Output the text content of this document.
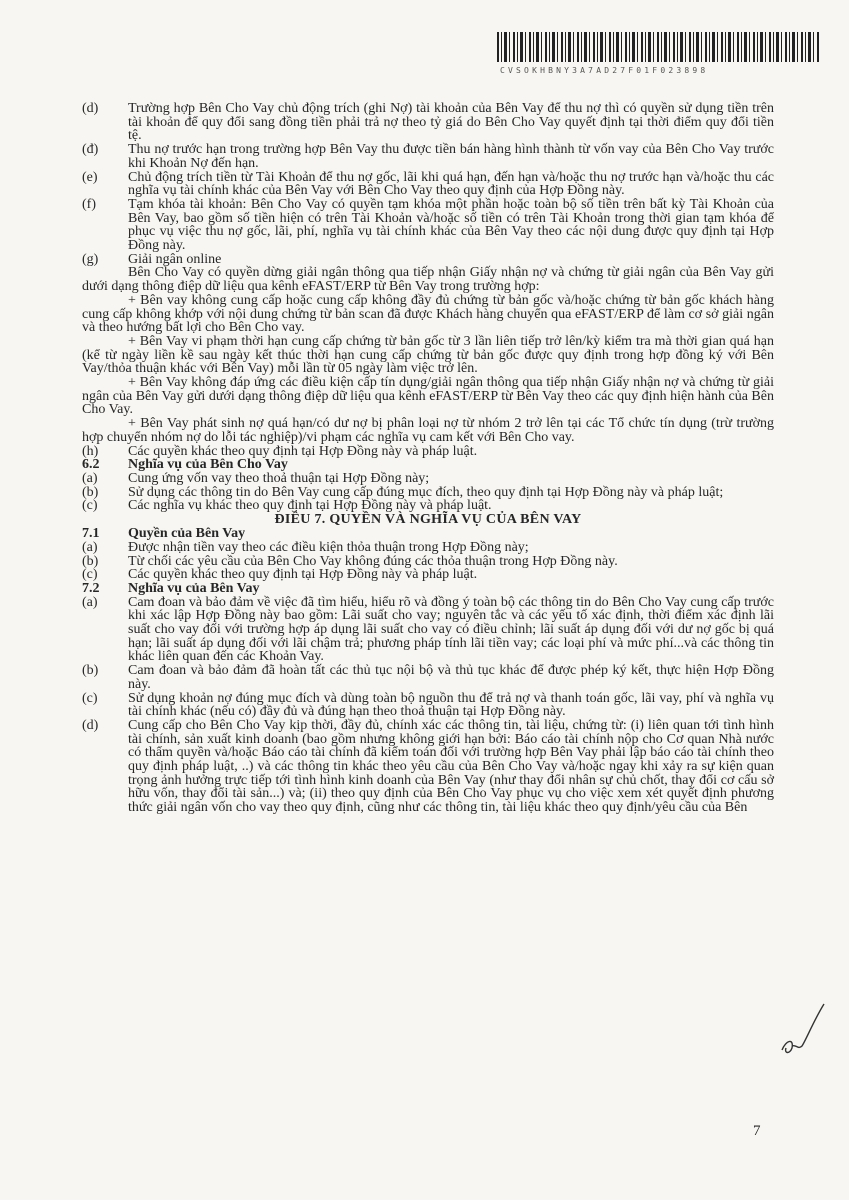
CVSOKHBNY3A7AD27F01F023898
(d)	Trường hợp Bên Cho Vay chủ động trích (ghi Nợ) tài khoản của Bên Vay để thu nợ thì có quyền sử dụng tiền trên tài khoản để quy đổi sang đồng tiền phải trả nợ theo tỷ giá do Bên Cho Vay quyết định tại thời điểm quy đổi tiền tệ.
(đ)	Thu nợ trước hạn trong trường hợp Bên Vay thu được tiền bán hàng hình thành từ vốn vay của Bên Cho Vay trước khi Khoản Nợ đến hạn.
(e)	Chủ động trích tiền từ Tài Khoản để thu nợ gốc, lãi khi quá hạn, đến hạn và/hoặc thu nợ trước hạn và/hoặc thu các nghĩa vụ tài chính khác của Bên Vay với Bên Cho Vay theo quy định của Hợp Đồng này.
(f)	Tạm khóa tài khoản: Bên Cho Vay có quyền tạm khóa một phần hoặc toàn bộ số tiền trên bất kỳ Tài Khoản của Bên Vay, bao gồm số tiền hiện có trên Tài Khoản và/hoặc số tiền có trên Tài Khoản trong thời gian tạm khóa để phục vụ việc thu nợ gốc, lãi, phí, nghĩa vụ tài chính khác của Bên Vay theo các nội dung được quy định tại Hợp Đồng này.
(g)	Giải ngân online

Bên Cho Vay có quyền dừng giải ngân thông qua tiếp nhận Giấy nhận nợ và chứng từ giải ngân của Bên Vay gửi dưới dạng thông điệp dữ liệu qua kênh eFAST/ERP từ Bên Vay trong trường hợp:

+ Bên vay không cung cấp hoặc cung cấp không đầy đủ chứng từ bản gốc và/hoặc chứng từ bản gốc khách hàng cung cấp không khớp với nội dung chứng từ bản scan đã được Khách hàng chuyển qua eFAST/ERP để làm cơ sở giải ngân và theo hướng bất lợi cho Bên Cho vay.

+ Bên Vay vi phạm thời hạn cung cấp chứng từ bản gốc từ 3 lần liên tiếp trở lên/kỳ kiểm tra mà thời gian quá hạn (kể từ ngày liền kề sau ngày kết thúc thời hạn cung cấp chứng từ bản gốc được quy định trong hợp đồng ký với Bên Vay/thỏa thuận khác với Bên Vay) mỗi lần từ 05 ngày làm việc trở lên.

+ Bên Vay không đáp ứng các điều kiện cấp tín dụng/giải ngân thông qua tiếp nhận Giấy nhận nợ và chứng từ giải ngân của Bên Vay gửi dưới dạng thông điệp dữ liệu qua kênh eFAST/ERP từ Bên Vay theo các quy định hiện hành của Bên Cho Vay.

+ Bên Vay phát sinh nợ quá hạn/có dư nợ bị phân loại nợ từ nhóm 2 trở lên tại các Tổ chức tín dụng (trừ trường hợp chuyển nhóm nợ do lỗi tác nghiệp)/vi phạm các nghĩa vụ cam kết với Bên Cho vay.

(h)	Các quyền khác theo quy định tại Hợp Đồng này và pháp luật.
6.2	Nghĩa vụ của Bên Cho Vay
(a)	Cung ứng vốn vay theo thoả thuận tại Hợp Đồng này;
(b)	Sử dụng các thông tin do Bên Vay cung cấp đúng mục đích, theo quy định tại Hợp Đồng này và pháp luật;
(c)	Các nghĩa vụ khác theo quy định tại Hợp Đồng này và pháp luật.
ĐIỀU 7. QUYỀN VÀ NGHĨA VỤ CỦA BÊN VAY
7.1	Quyền của Bên Vay
(a)	Được nhận tiền vay theo các điều kiện thỏa thuận trong Hợp Đồng này;
(b)	Từ chối các yêu cầu của Bên Cho Vay không đúng các thỏa thuận trong Hợp Đồng này.
(c)	Các quyền khác theo quy định tại Hợp Đồng này và pháp luật.
7.2	Nghĩa vụ của Bên Vay
(a)	Cam đoan và bảo đảm về việc đã tìm hiểu, hiểu rõ và đồng ý toàn bộ các thông tin do Bên Cho Vay cung cấp trước khi xác lập Hợp Đồng này bao gồm: Lãi suất cho vay; nguyên tắc và các yếu tố xác định, thời điểm xác định lãi suất cho vay đối với trường hợp áp dụng lãi suất cho vay có điều chỉnh; lãi suất áp dụng đối với dư nợ gốc bị quá hạn; lãi suất áp dụng đối với lãi chậm trả; phương pháp tính lãi tiền vay; các loại phí và mức phí...và các thông tin khác liên quan đến các Khoản Vay.
(b)	Cam đoan và bảo đảm đã hoàn tất các thủ tục nội bộ và thủ tục khác để được phép ký kết, thực hiện Hợp Đồng này.
(c)	Sử dụng khoản nợ đúng mục đích và dùng toàn bộ nguồn thu để trả nợ và thanh toán gốc, lãi vay, phí và nghĩa vụ tài chính khác (nếu có) đầy đủ và đúng hạn theo thoả thuận tại Hợp Đồng này.
(d)	Cung cấp cho Bên Cho Vay kịp thời, đầy đủ, chính xác các thông tin, tài liệu, chứng từ: (i) liên quan tới tình hình tài chính, sản xuất kinh doanh (bao gồm nhưng không giới hạn bởi: Báo cáo tài chính nộp cho Cơ quan Nhà nước có thẩm quyền và/hoặc Báo cáo tài chính đã kiểm toán đối với trường hợp Bên Vay phải lập báo cáo tài chính theo quy định pháp luật, ..) và các thông tin khác theo yêu cầu của Bên Cho Vay và/hoặc ngay khi xảy ra sự kiện quan trọng ảnh hưởng trực tiếp tới tình hình kinh doanh của Bên Vay (như thay đổi nhân sự chủ chốt, thay đổi cơ cấu sở hữu vốn, thay đổi tài sản...) và; (ii) theo quy định của Bên Cho Vay phục vụ cho việc xem xét quyết định phương thức giải ngân vốn cho vay theo quy định, cũng như các thông tin, tài liệu khác theo quy định/yêu cầu của Bên
7
